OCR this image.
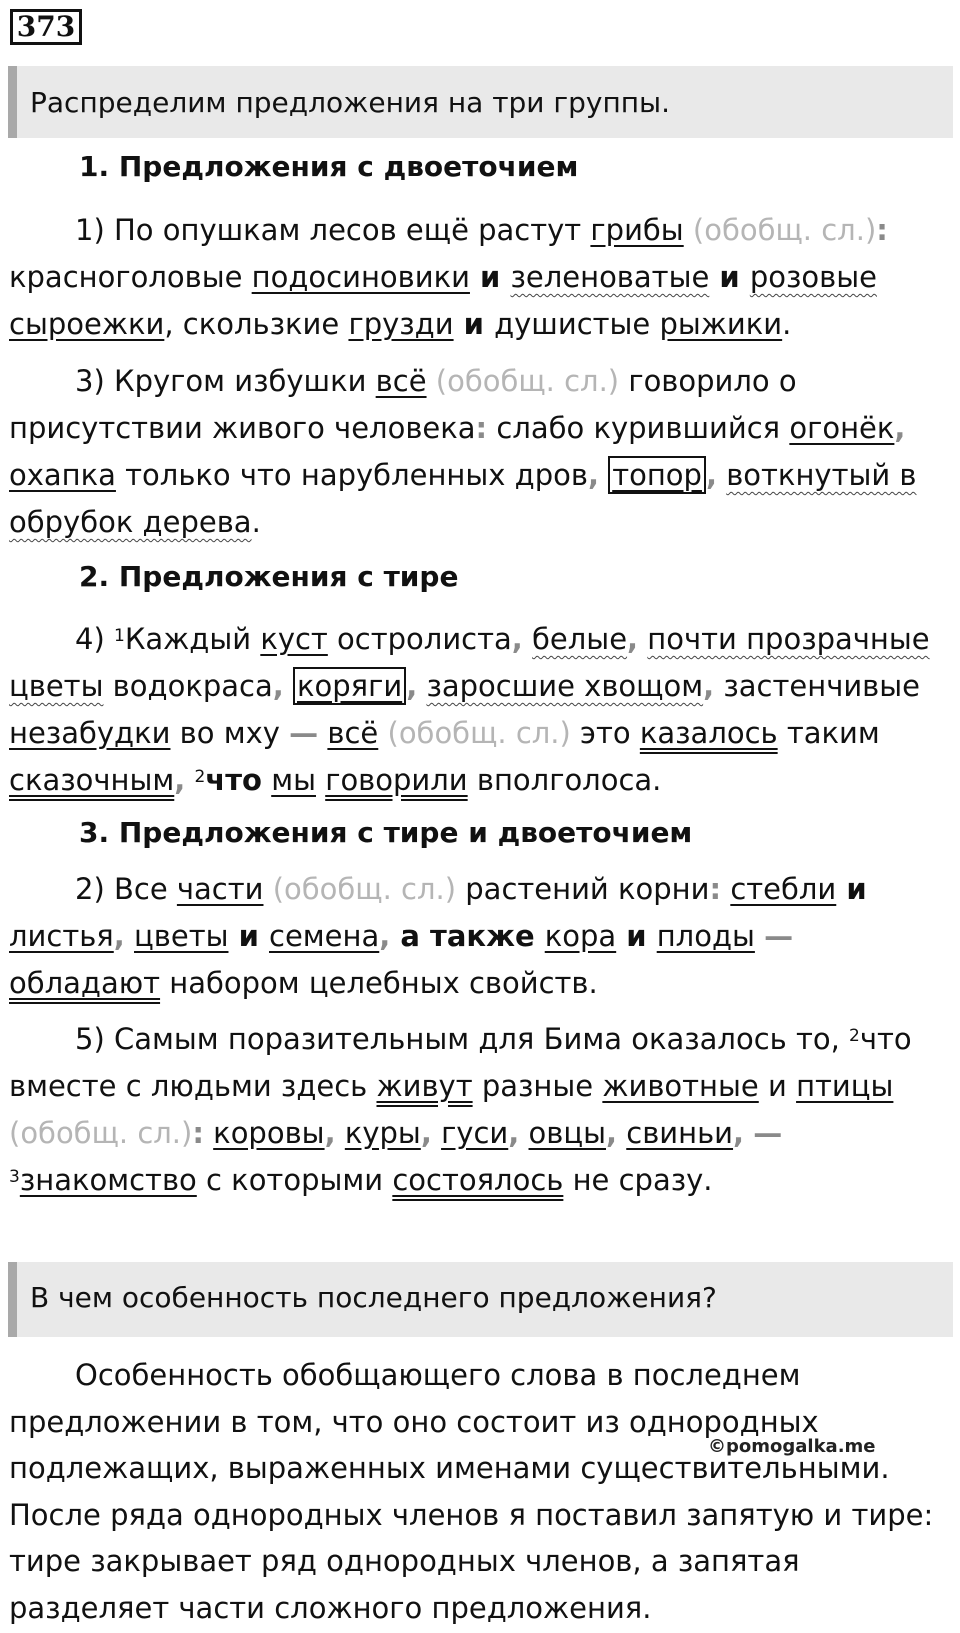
373
Распределим предложения на три группы.
1. Предложения с двоеточием
1) По опушкам лесов ещё растут грибы (обобщ. сл.): красноголовые подосиновики и зеленоватые и розовые сыроежки, скользкие грузди и душистые рыжики.
3) Кругом избушки всё (обобщ. сл.) говорило о присутствии живого человека: слабо курившийся огонёк, охапка только что нарубленных дров, топор , воткнутый в обрубок дерева.
2. Предложения с тире
4) $^1$Каждый куст остролиста, белые, почти прозрачные цветы водокраса, коряги , заросшие хвощом, застенчивые незабудки во мху — всё (обобщ. сл.) это казалось таким сказочным, $^2$что мы говорили вполголоса.
3. Предложения с тире и двоеточием
2) Все части (обобщ. сл.) растений корни: стебли и листья, цветы и семена, а также кора и плоды — обладают набором целебных свойств.
5) Самым поразительным для Бима оказалось то, $^2$что вместе с людьми здесь живут разные животные и птицы (обобщ. сл.): коровы, куры, гуси, овцы, свиньи, — $^3$знакомство с которыми состоялось не сразу.
В чем особенность последнего предложения?
Особенность обобщающего слова в последнем предложении в том, что оно состоит из однородных подлежащих, выраженных именами существительными. После ряда однородных членов я поставил запятую и тире: тире закрывает ряд однородных членов, а запятая разделяет части сложного предложения.
©pomogalka.me
